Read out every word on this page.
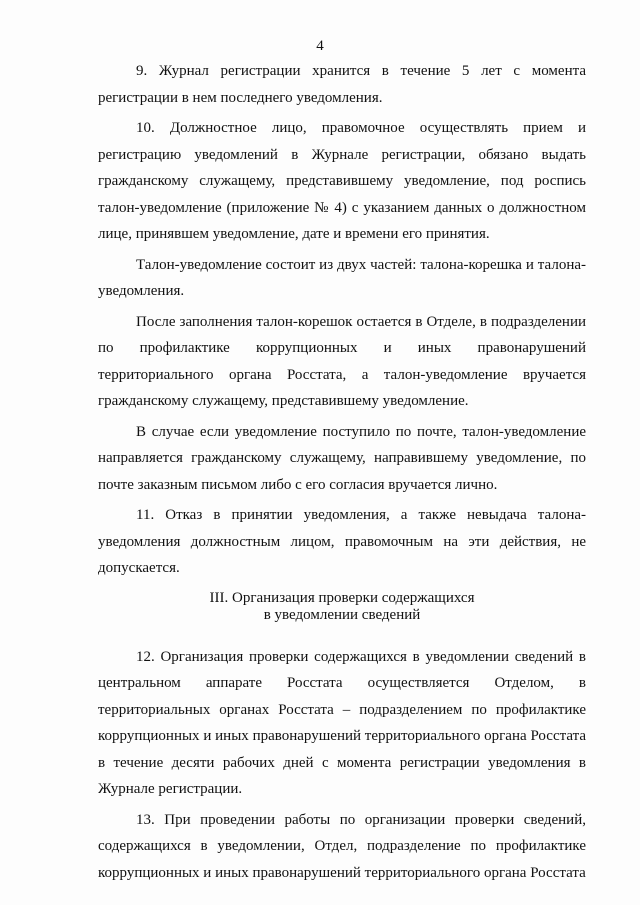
4

9. Журнал регистрации хранится в течение 5 лет с момента регистрации в нем последнего уведомления.

10. Должностное лицо, правомочное осуществлять прием и регистрацию уведомлений в Журнале регистрации, обязано выдать гражданскому служащему, представившему уведомление, под роспись талон-уведомление (приложение № 4) с указанием данных о должностном лице, принявшем уведомление, дате и времени его принятия.

Талон-уведомление состоит из двух частей: талона-корешка и талона-уведомления.

После заполнения талон-корешок остается в Отделе, в подразделении по профилактике коррупционных и иных правонарушений территориального органа Росстата, а талон-уведомление вручается гражданскому служащему, представившему уведомление.

В случае если уведомление поступило по почте, талон-уведомление направляется гражданскому служащему, направившему уведомление, по почте заказным письмом либо с его согласия вручается лично.

11. Отказ в принятии уведомления, а также невыдача талона-уведомления должностным лицом, правомочным на эти действия, не допускается.

III. Организация проверки содержащихся
в уведомлении сведений

12. Организация проверки содержащихся в уведомлении сведений в центральном аппарате Росстата осуществляется Отделом, в территориальных органах Росстата – подразделением по профилактике коррупционных и иных правонарушений территориального органа Росстата в течение десяти рабочих дней с момента регистрации уведомления в Журнале регистрации.

13. При проведении работы по организации проверки сведений, содержащихся в уведомлении, Отдел, подразделение по профилактике коррупционных и иных правонарушений территориального органа Росстата
